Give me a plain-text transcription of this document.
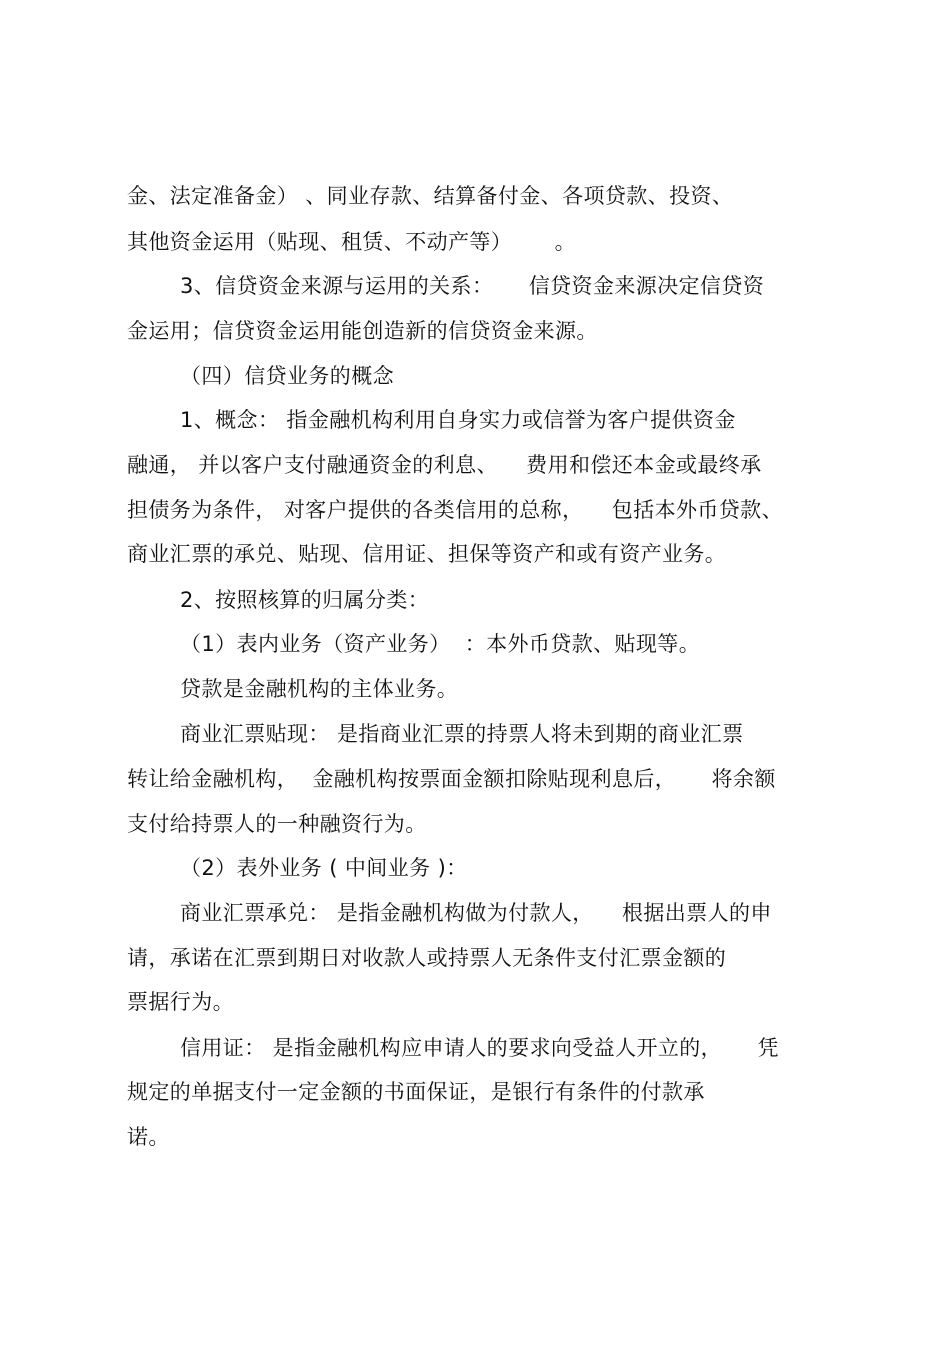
金、法定准备金） 、同业存款、结算备付金、各项贷款、投资、
其他资金运用（贴现、租赁、不动产等）      。
3、信贷资金来源与运用的关系：     信贷资金来源决定信贷资
金运用；信贷资金运用能创造新的信贷资金来源。
（四）信贷业务的概念
1、概念： 指金融机构利用自身实力或信誉为客户提供资金
融通， 并以客户支付融通资金的利息、    费用和偿还本金或最终承
担债务为条件， 对客户提供的各类信用的总称，    包括本外币贷款、
商业汇票的承兑、贴现、信用证、担保等资产和或有资产业务。
2、按照核算的归属分类：
（1）表内业务（资产业务）  ：本外币贷款、贴现等。
贷款是金融机构的主体业务。
商业汇票贴现： 是指商业汇票的持票人将未到期的商业汇票
转让给金融机构，  金融机构按票面金额扣除贴现利息后，     将余额
支付给持票人的一种融资行为。
（2）表外业务 ( 中间业务 )：
商业汇票承兑： 是指金融机构做为付款人，    根据出票人的申
请，承诺在汇票到期日对收款人或持票人无条件支付汇票金额的
票据行为。
信用证： 是指金融机构应申请人的要求向受益人开立的，     凭
规定的单据支付一定金额的书面保证，是银行有条件的付款承
诺。
